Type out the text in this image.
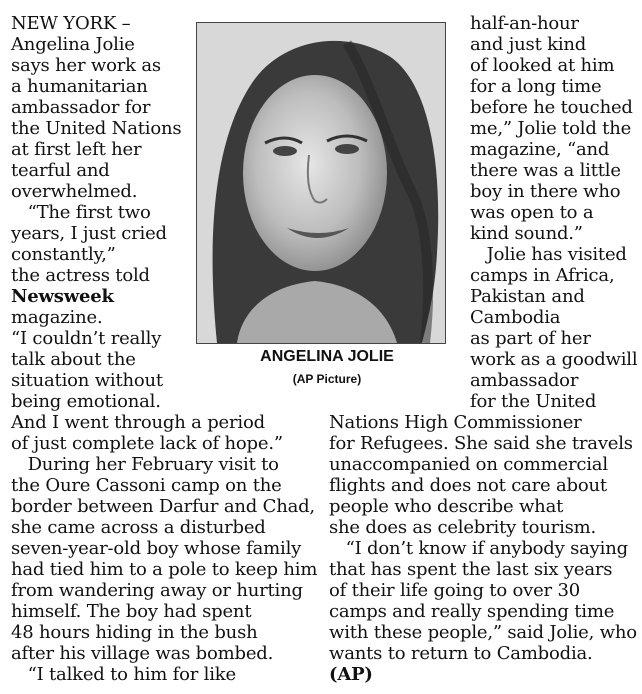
NEW YORK –
Angelina Jolie
says her work as
a humanitarian
ambassador for
the United Nations
at first left her
tearful and
overwhelmed.
“The first two
years, I just cried
constantly,”
the actress told
Newsweek
magazine.
“I couldn’t really
talk about the
situation without
being emotional.
ANGELINA JOLIE
(AP Picture)
half-an-hour
and just kind
of looked at him
for a long time
before he touched
me,” Jolie told the
magazine, “and
there was a little
boy in there who
was open to a
kind sound.”
Jolie has visited
camps in Africa,
Pakistan and
Cambodia
as part of her
work as a goodwill
ambassador
for the United
And I went through a period
of just complete lack of hope.”
During her February visit to
the Oure Cassoni camp on the
border between Darfur and Chad,
she came across a disturbed
seven-year-old boy whose family
had tied him to a pole to keep him
from wandering away or hurting
himself. The boy had spent
48 hours hiding in the bush
after his village was bombed.
“I talked to him for like
Nations High Commissioner
for Refugees. She said she travels
unaccompanied on commercial
flights and does not care about
people who describe what
she does as celebrity tourism.
“I don’t know if anybody saying
that has spent the last six years
of their life going to over 30
camps and really spending time
with these people,” said Jolie, who
wants to return to Cambodia.
(AP)
